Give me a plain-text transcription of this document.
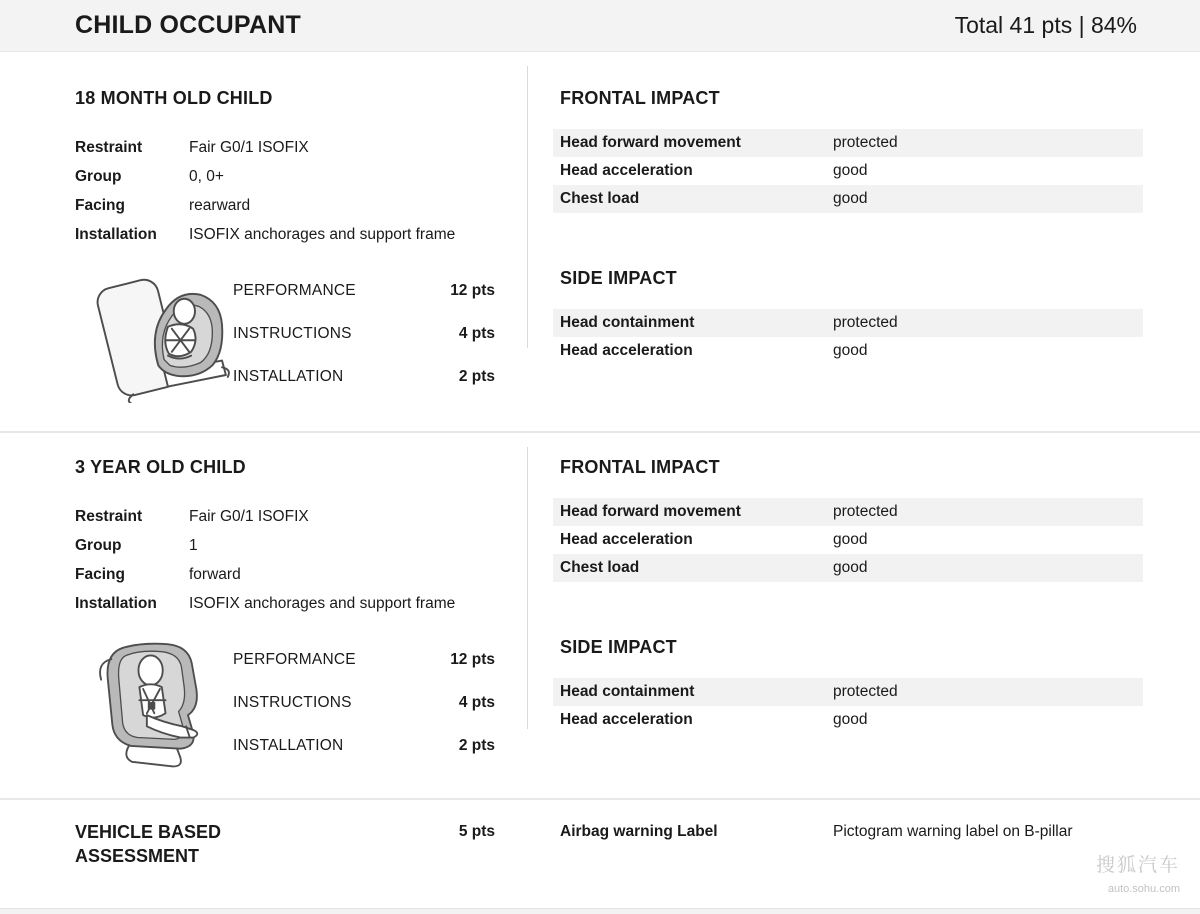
CHILD OCCUPANT	Total 41 pts | 84%
18 MONTH OLD CHILD
Restraint	Fair G0/1 ISOFIX
Group	0, 0+
Facing	rearward
Installation	ISOFIX anchorages and support frame
PERFORMANCE	12 pts
INSTRUCTIONS	4 pts
INSTALLATION	2 pts
FRONTAL IMPACT
Head forward movement	protected
Head acceleration	good
Chest load	good
SIDE IMPACT
Head containment	protected
Head acceleration	good
3 YEAR OLD CHILD
Restraint	Fair G0/1 ISOFIX
Group	1
Facing	forward
Installation	ISOFIX anchorages and support frame
PERFORMANCE	12 pts
INSTRUCTIONS	4 pts
INSTALLATION	2 pts
FRONTAL IMPACT
Head forward movement	protected
Head acceleration	good
Chest load	good
SIDE IMPACT
Head containment	protected
Head acceleration	good
VEHICLE BASED ASSESSMENT
5 pts	Airbag warning Label	Pictogram warning label on B-pillar
搜狐汽车
auto.sohu.com
